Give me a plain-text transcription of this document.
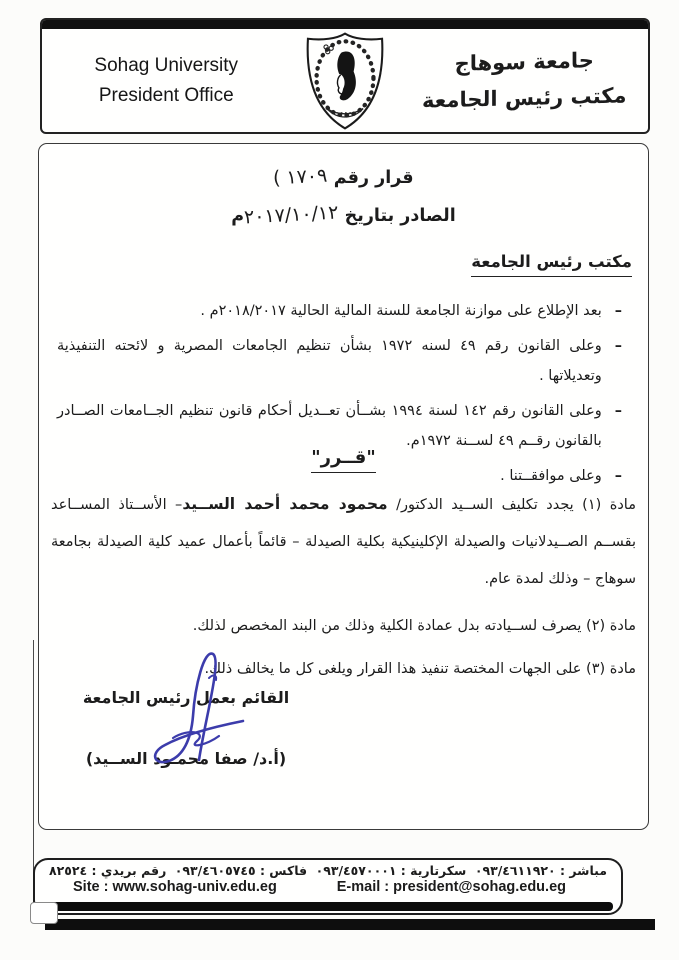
Sohag University
President Office
جامعة سوهاج
مكتب رئيس الجامعة
قرار رقم ( ١٧٠٩
الصادر بتاريخ ٢٠١٧/١٠/١٢م
مكتب رئيس الجامعة
–
بعد الإطلاع على موازنة الجامعة للسنة المالية الحالية ٢٠١٨/٢٠١٧م .
–
وعلى القانون رقم ٤٩ لسنه ١٩٧٢ بشأن تنظيم الجامعات المصرية و لائحته التنفيذية وتعديلاتها .
–
وعلى القانون رقم ١٤٢ لسنة ١٩٩٤ بشــأن تعــديل أحكام قانون تنظيم الجــامعات الصــادر بالقانون رقــم ٤٩ لســنة ١٩٧٢م.
–
وعلى موافقــتنا .
"قــرر"

مادة (١) يجدد تكليف الســيد الدكتور/ محمود محمد أحمد الســيد– الأســتاذ المســاعد بقســم الصــيدلانيات والصيدلة الإكلينيكية بكلية الصيدلة – قائماً بأعمال عميد كلية الصيدلة بجامعة سوهاج – وذلك لمدة عام.

مادة (٢) يصرف لســيادته بدل عمادة الكلية وذلك من البند المخصص لذلك.

مادة (٣) على الجهات المختصة تنفيذ هذا القرار ويلغى كل ما يخالف ذلك.

القائم بعمل رئيس الجامعة
(أ.د/ صفا محمـود الســيد)
مباشر : ٠٩٣/٤٦١١٩٢٠
سكرتارية : ٠٩٣/٤٥٧٠٠٠١
فاكس : ٠٩٣/٤٦٠٥٧٤٥
رقم بريدي : ٨٢٥٢٤
Site : www.sohag-univ.edu.eg	E-mail : president@sohag.edu.eg
